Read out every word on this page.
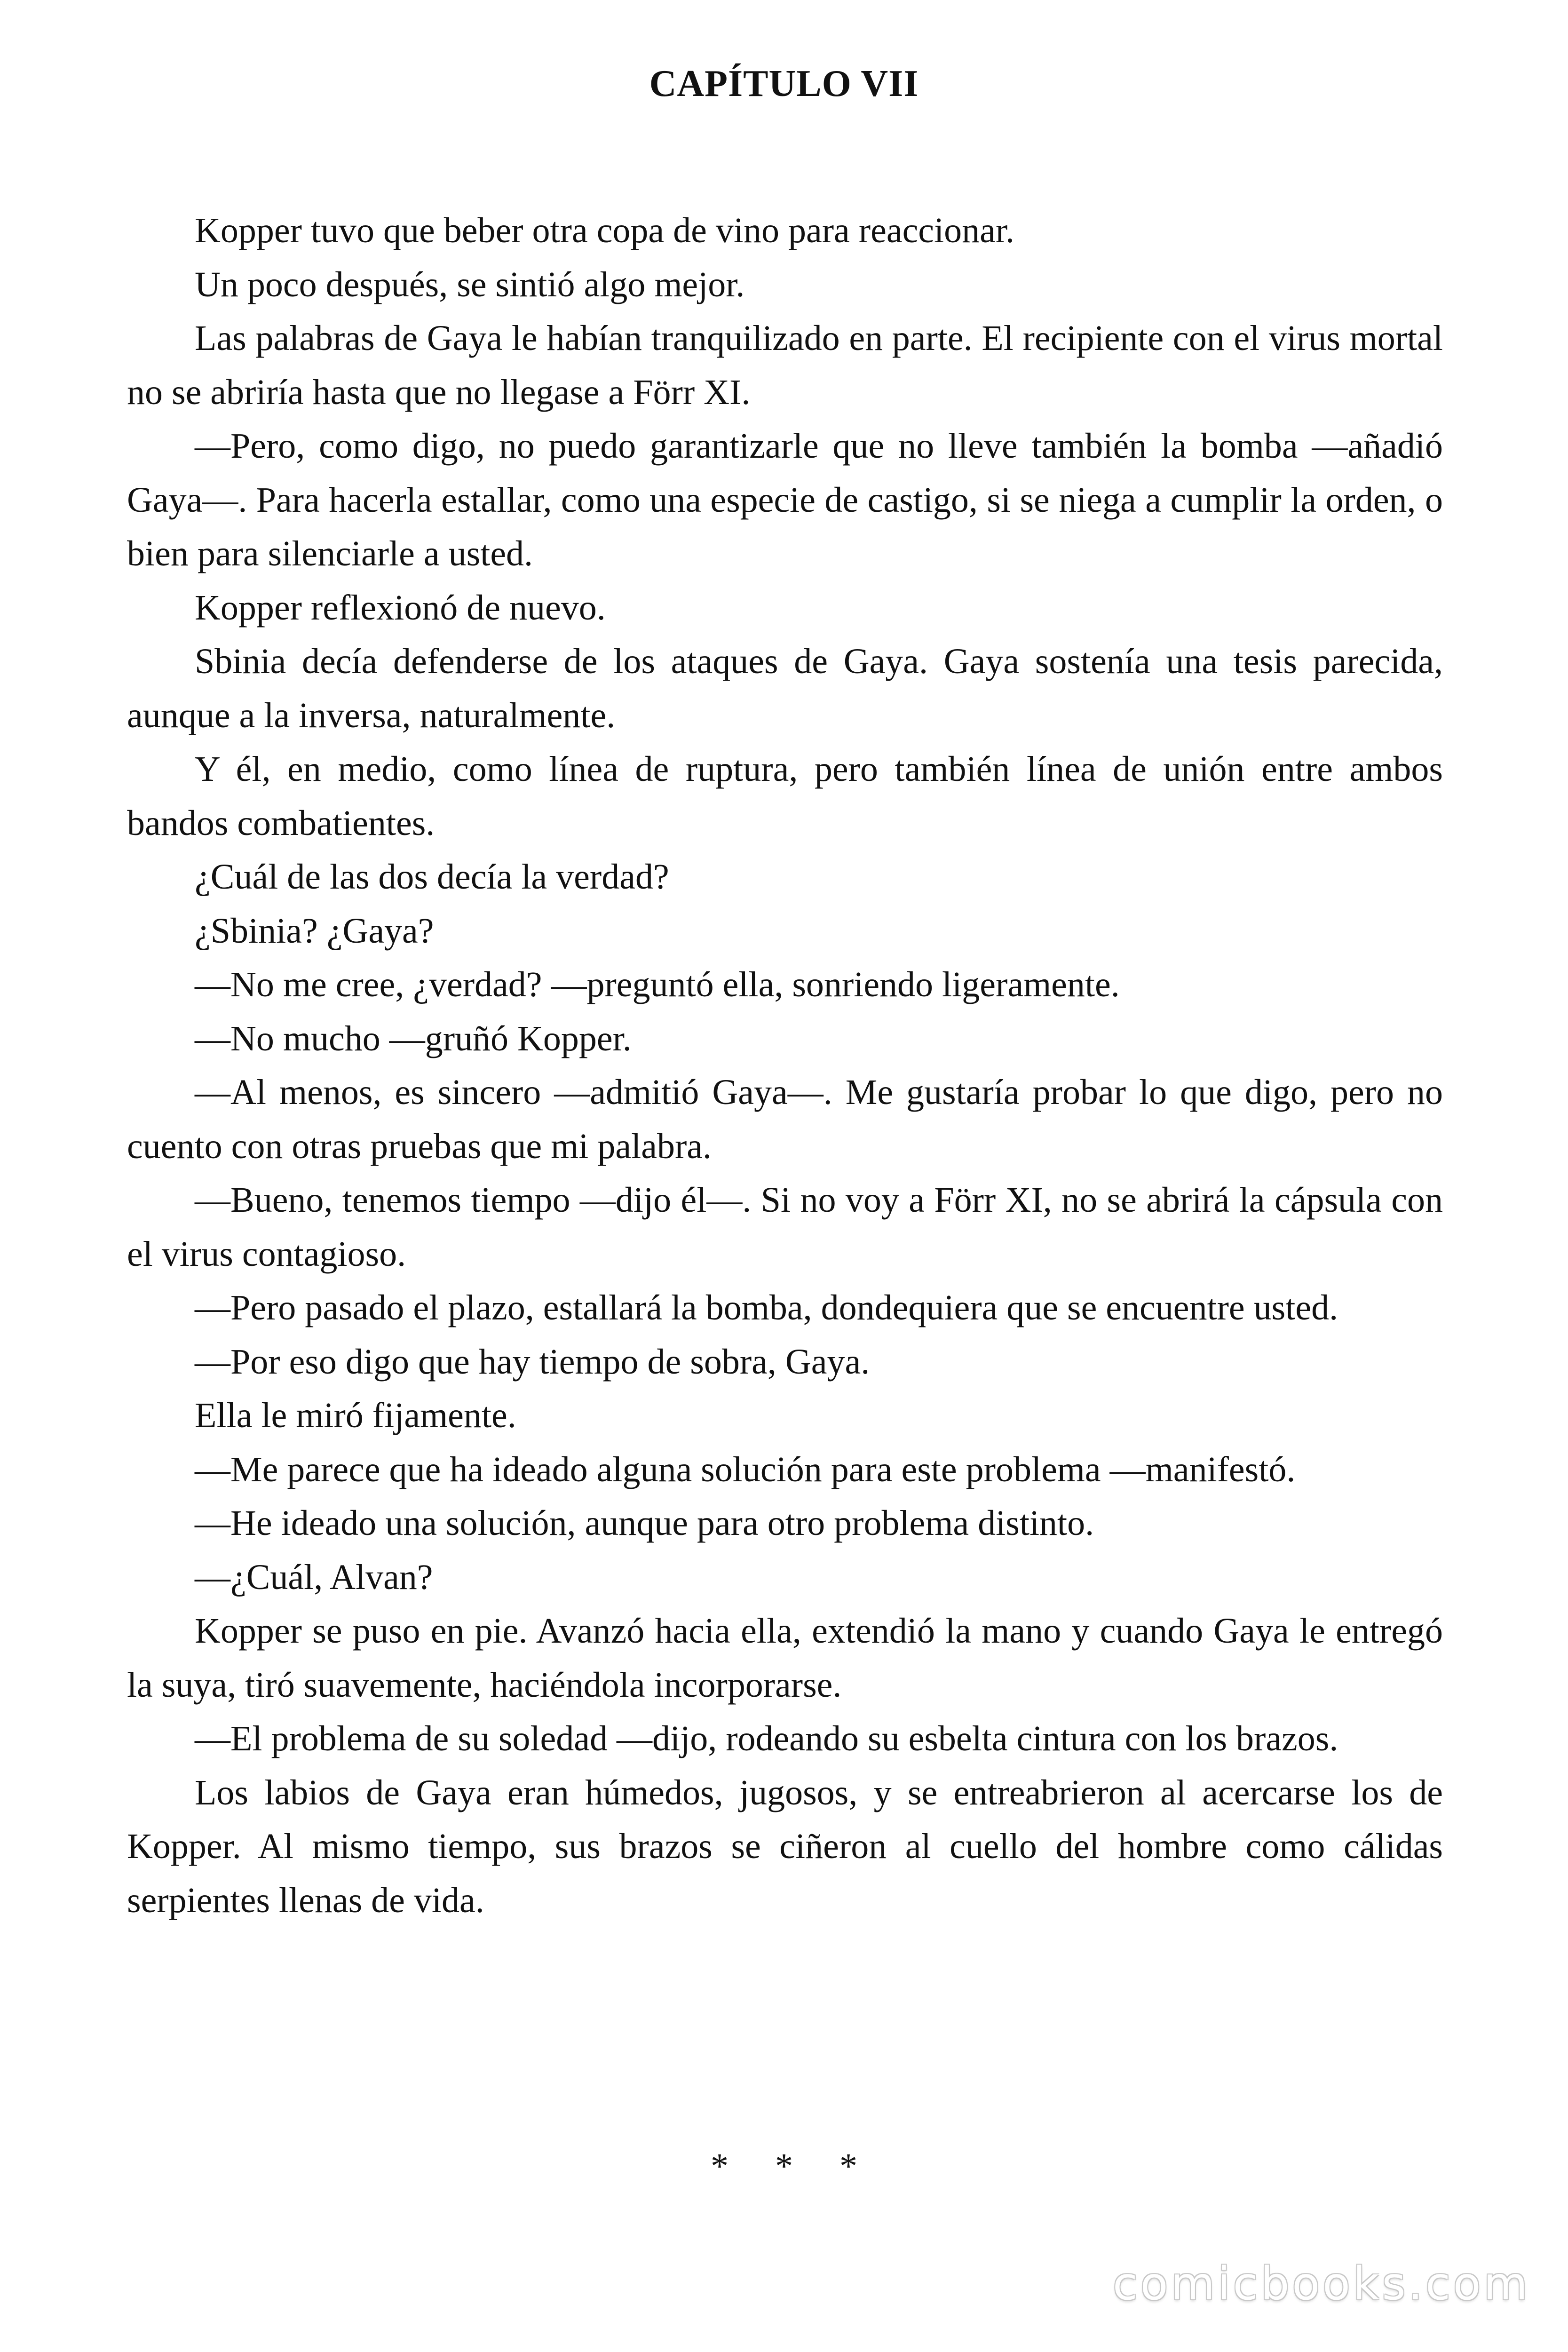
CAPÍTULO VII

Kopper tuvo que beber otra copa de vino para reaccionar.

Un poco después, se sintió algo mejor.

Las palabras de Gaya le habían tranquilizado en parte. El recipiente con el virus mortal no se abriría hasta que no llegase a Förr XI.

—Pero, como digo, no puedo garantizarle que no lleve también la bomba —añadió Gaya—. Para hacerla estallar, como una especie de castigo, si se niega a cumplir la orden, o bien para silenciarle a usted.

Kopper reflexionó de nuevo.

Sbinia decía defenderse de los ataques de Gaya. Gaya sostenía una tesis parecida, aunque a la inversa, naturalmente.

Y él, en medio, como línea de ruptura, pero también línea de unión entre ambos bandos combatientes.

¿Cuál de las dos decía la verdad?

¿Sbinia? ¿Gaya?

—No me cree, ¿verdad? —preguntó ella, sonriendo ligeramente.

—No mucho —gruñó Kopper.

—Al menos, es sincero —admitió Gaya—. Me gustaría probar lo que digo, pero no cuento con otras pruebas que mi palabra.

—Bueno, tenemos tiempo —dijo él—. Si no voy a Förr XI, no se abrirá la cápsula con el virus contagioso.

—Pero pasado el plazo, estallará la bomba, dondequiera que se encuentre usted.

—Por eso digo que hay tiempo de sobra, Gaya.

Ella le miró fijamente.

—Me parece que ha ideado alguna solución para este problema —manifestó.

—He ideado una solución, aunque para otro problema distinto.

—¿Cuál, Alvan?

Kopper se puso en pie. Avanzó hacia ella, extendió la mano y cuando Gaya le entregó la suya, tiró suavemente, haciéndola incorporarse.

—El problema de su soledad —dijo, rodeando su esbelta cintura con los brazos.

Los labios de Gaya eran húmedos, jugosos, y se entreabrieron al acercarse los de Kopper. Al mismo tiempo, sus brazos se ciñeron al cuello del hombre como cálidas serpientes llenas de vida.

* * *
comicbooks.com
